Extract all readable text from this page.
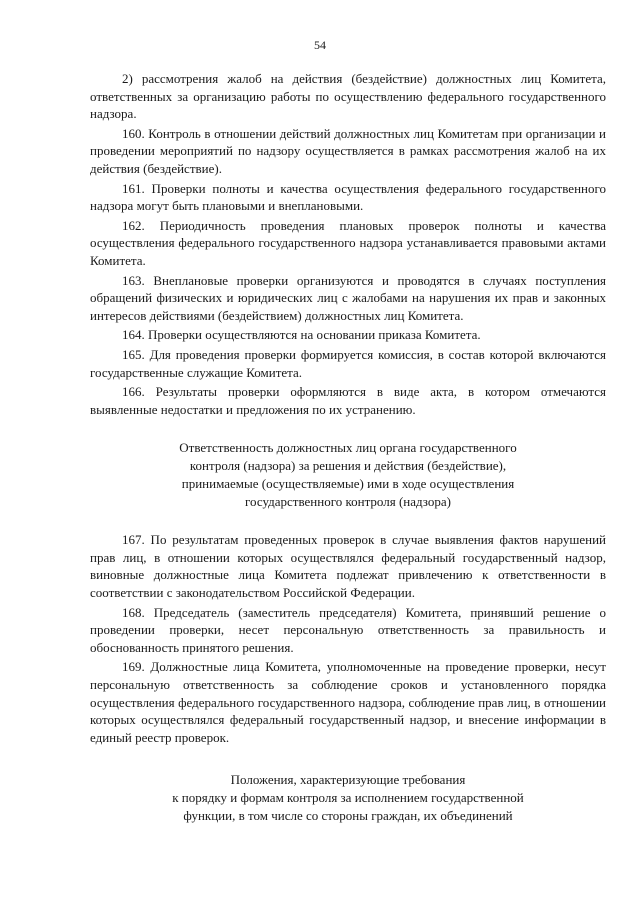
54

2) рассмотрения жалоб на действия (бездействие) должностных лиц Комитета, ответственных за организацию работы по осуществлению федерального государственного надзора.

160. Контроль в отношении действий должностных лиц Комитетам при организации и проведении мероприятий по надзору осуществляется в рамках рассмотрения жалоб на их действия (бездействие).

161. Проверки полноты и качества осуществления федерального государственного надзора могут быть плановыми и внеплановыми.

162. Периодичность проведения плановых проверок полноты и качества осуществления федерального государственного надзора устанавливается правовыми актами Комитета.

163. Внеплановые проверки организуются и проводятся в случаях поступления обращений физических и юридических лиц с жалобами на нарушения их прав и законных интересов действиями (бездействием) должностных лиц Комитета.

164. Проверки осуществляются на основании приказа Комитета.

165. Для проведения проверки формируется комиссия, в состав которой включаются государственные служащие Комитета.

166. Результаты проверки оформляются в виде акта, в котором отмечаются выявленные недостатки и предложения по их устранению.

Ответственность должностных лиц органа государственного
контроля (надзора) за решения и действия (бездействие),
принимаемые (осуществляемые) ими в ходе осуществления
государственного контроля (надзора)

167. По результатам проведенных проверок в случае выявления фактов нарушений прав лиц, в отношении которых осуществлялся федеральный государственный надзор, виновные должностные лица Комитета подлежат привлечению к ответственности в соответствии с законодательством Российской Федерации.

168. Председатель (заместитель председателя) Комитета, принявший решение о проведении проверки, несет персональную ответственность за правильность и обоснованность принятого решения.

169. Должностные лица Комитета, уполномоченные на проведение проверки, несут персональную ответственность за соблюдение сроков и установленного порядка осуществления федерального государственного надзора, соблюдение прав лиц, в отношении которых осуществлялся федеральный государственный надзор, и внесение информации в единый реестр проверок.

Положения, характеризующие требования
к порядку и формам контроля за исполнением государственной
функции, в том числе со стороны граждан, их объединений
